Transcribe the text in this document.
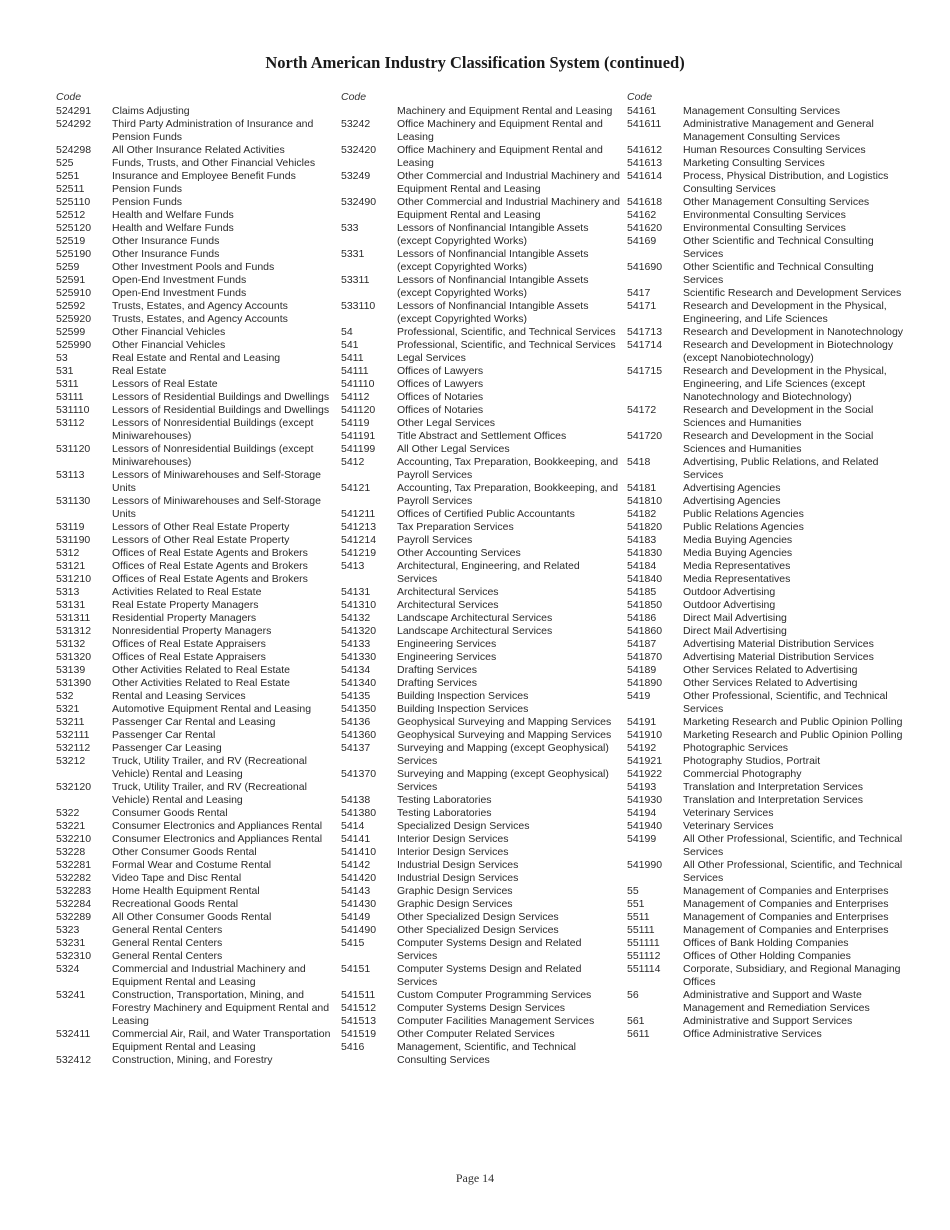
North American Industry Classification System (continued)
Code
524291	Claims Adjusting
524292	Third Party Administration of Insurance and Pension Funds
524298	All Other Insurance Related Activities
525	Funds, Trusts, and Other Financial Vehicles
5251	Insurance and Employee Benefit Funds
52511	Pension Funds
525110	Pension Funds
52512	Health and Welfare Funds
525120	Health and Welfare Funds
52519	Other Insurance Funds
525190	Other Insurance Funds
5259	Other Investment Pools and Funds
52591	Open-End Investment Funds
525910	Open-End Investment Funds
52592	Trusts, Estates, and Agency Accounts
525920	Trusts, Estates, and Agency Accounts
52599	Other Financial Vehicles
525990	Other Financial Vehicles
53	Real Estate and Rental and Leasing
531	Real Estate
5311	Lessors of Real Estate
53111	Lessors of Residential Buildings and Dwellings
531110	Lessors of Residential Buildings and Dwellings
53112	Lessors of Nonresidential Buildings (except Miniwarehouses)
531120	Lessors of Nonresidential Buildings (except Miniwarehouses)
53113	Lessors of Miniwarehouses and Self-Storage Units
531130	Lessors of Miniwarehouses and Self-Storage Units
53119	Lessors of Other Real Estate Property
531190	Lessors of Other Real Estate Property
5312	Offices of Real Estate Agents and Brokers
53121	Offices of Real Estate Agents and Brokers
531210	Offices of Real Estate Agents and Brokers
5313	Activities Related to Real Estate
53131	Real Estate Property Managers
531311	Residential Property Managers
531312	Nonresidential Property Managers
53132	Offices of Real Estate Appraisers
531320	Offices of Real Estate Appraisers
53139	Other Activities Related to Real Estate
531390	Other Activities Related to Real Estate
532	Rental and Leasing Services
5321	Automotive Equipment Rental and Leasing
53211	Passenger Car Rental and Leasing
532111	Passenger Car Rental
532112	Passenger Car Leasing
53212	Truck, Utility Trailer, and RV (Recreational Vehicle) Rental and Leasing
532120	Truck, Utility Trailer, and RV (Recreational Vehicle) Rental and Leasing
5322	Consumer Goods Rental
53221	Consumer Electronics and Appliances Rental
532210	Consumer Electronics and Appliances Rental
53228	Other Consumer Goods Rental
532281	Formal Wear and Costume Rental
532282	Video Tape and Disc Rental
532283	Home Health Equipment Rental
532284	Recreational Goods Rental
532289	All Other Consumer Goods Rental
5323	General Rental Centers
53231	General Rental Centers
532310	General Rental Centers
5324	Commercial and Industrial Machinery and Equipment Rental and Leasing
53241	Construction, Transportation, Mining, and Forestry Machinery and Equipment Rental and Leasing
532411	Commercial Air, Rail, and Water Transportation Equipment Rental and Leasing
532412	Construction, Mining, and Forestry
Code
Machinery and Equipment Rental and Leasing
53242	Office Machinery and Equipment Rental and Leasing
532420	Office Machinery and Equipment Rental and Leasing
53249	Other Commercial and Industrial Machinery and Equipment Rental and Leasing
532490	Other Commercial and Industrial Machinery and Equipment Rental and Leasing
533	Lessors of Nonfinancial Intangible Assets (except Copyrighted Works)
5331	Lessors of Nonfinancial Intangible Assets (except Copyrighted Works)
53311	Lessors of Nonfinancial Intangible Assets (except Copyrighted Works)
533110	Lessors of Nonfinancial Intangible Assets (except Copyrighted Works)
54	Professional, Scientific, and Technical Services
541	Professional, Scientific, and Technical Services
5411	Legal Services
54111	Offices of Lawyers
541110	Offices of Lawyers
54112	Offices of Notaries
541120	Offices of Notaries
54119	Other Legal Services
541191	Title Abstract and Settlement Offices
541199	All Other Legal Services
5412	Accounting, Tax Preparation, Bookkeeping, and Payroll Services
54121	Accounting, Tax Preparation, Bookkeeping, and Payroll Services
541211	Offices of Certified Public Accountants
541213	Tax Preparation Services
541214	Payroll Services
541219	Other Accounting Services
5413	Architectural, Engineering, and Related Services
54131	Architectural Services
541310	Architectural Services
54132	Landscape Architectural Services
541320	Landscape Architectural Services
54133	Engineering Services
541330	Engineering Services
54134	Drafting Services
541340	Drafting Services
54135	Building Inspection Services
541350	Building Inspection Services
54136	Geophysical Surveying and Mapping Services
541360	Geophysical Surveying and Mapping Services
54137	Surveying and Mapping (except Geophysical) Services
541370	Surveying and Mapping (except Geophysical) Services
54138	Testing Laboratories
541380	Testing Laboratories
5414	Specialized Design Services
54141	Interior Design Services
541410	Interior Design Services
54142	Industrial Design Services
541420	Industrial Design Services
54143	Graphic Design Services
541430	Graphic Design Services
54149	Other Specialized Design Services
541490	Other Specialized Design Services
5415	Computer Systems Design and Related Services
54151	Computer Systems Design and Related Services
541511	Custom Computer Programming Services
541512	Computer Systems Design Services
541513	Computer Facilities Management Services
541519	Other Computer Related Services
5416	Management, Scientific, and Technical Consulting Services
Code
54161	Management Consulting Services
541611	Administrative Management and General Management Consulting Services
541612	Human Resources Consulting Services
541613	Marketing Consulting Services
541614	Process, Physical Distribution, and Logistics Consulting Services
541618	Other Management Consulting Services
54162	Environmental Consulting Services
541620	Environmental Consulting Services
54169	Other Scientific and Technical Consulting Services
541690	Other Scientific and Technical Consulting Services
5417	Scientific Research and Development Services
54171	Research and Development in the Physical, Engineering, and Life Sciences
541713	Research and Development in Nanotechnology
541714	Research and Development in Biotechnology (except Nanobiotechnology)
541715	Research and Development in the Physical, Engineering, and Life Sciences (except Nanotechnology and Biotechnology)
54172	Research and Development in the Social Sciences and Humanities
541720	Research and Development in the Social Sciences and Humanities
5418	Advertising, Public Relations, and Related Services
54181	Advertising Agencies
541810	Advertising Agencies
54182	Public Relations Agencies
541820	Public Relations Agencies
54183	Media Buying Agencies
541830	Media Buying Agencies
54184	Media Representatives
541840	Media Representatives
54185	Outdoor Advertising
541850	Outdoor Advertising
54186	Direct Mail Advertising
541860	Direct Mail Advertising
54187	Advertising Material Distribution Services
541870	Advertising Material Distribution Services
54189	Other Services Related to Advertising
541890	Other Services Related to Advertising
5419	Other Professional, Scientific, and Technical Services
54191	Marketing Research and Public Opinion Polling
541910	Marketing Research and Public Opinion Polling
54192	Photographic Services
541921	Photography Studios, Portrait
541922	Commercial Photography
54193	Translation and Interpretation Services
541930	Translation and Interpretation Services
54194	Veterinary Services
541940	Veterinary Services
54199	All Other Professional, Scientific, and Technical Services
541990	All Other Professional, Scientific, and Technical Services
55	Management of Companies and Enterprises
551	Management of Companies and Enterprises
5511	Management of Companies and Enterprises
55111	Management of Companies and Enterprises
551111	Offices of Bank Holding Companies
551112	Offices of Other Holding Companies
551114	Corporate, Subsidiary, and Regional Managing Offices
56	Administrative and Support and Waste Management and Remediation Services
561	Administrative and Support Services
5611	Office Administrative Services
Page 14
